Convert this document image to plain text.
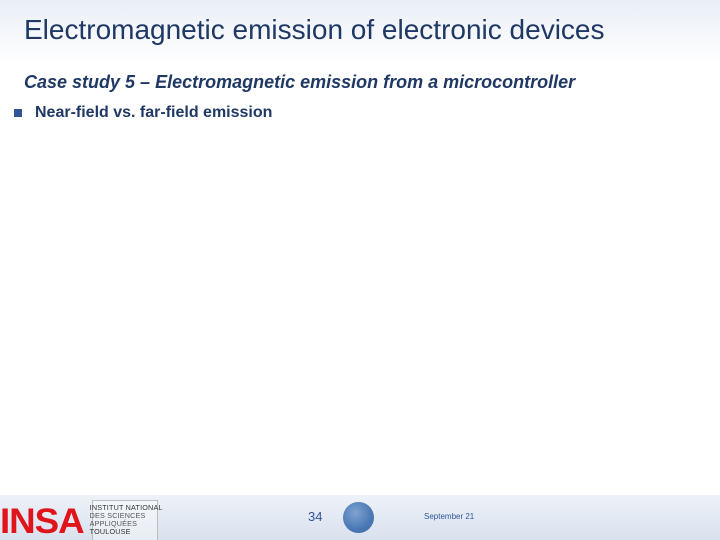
Electromagnetic emission of electronic devices
Case study 5 – Electromagnetic emission from a microcontroller
Near-field vs. far-field emission
INSA INSTITUT NATIONAL
DES SCIENCES
APPLIQUÉES
TOULOUSE
34	September 21
